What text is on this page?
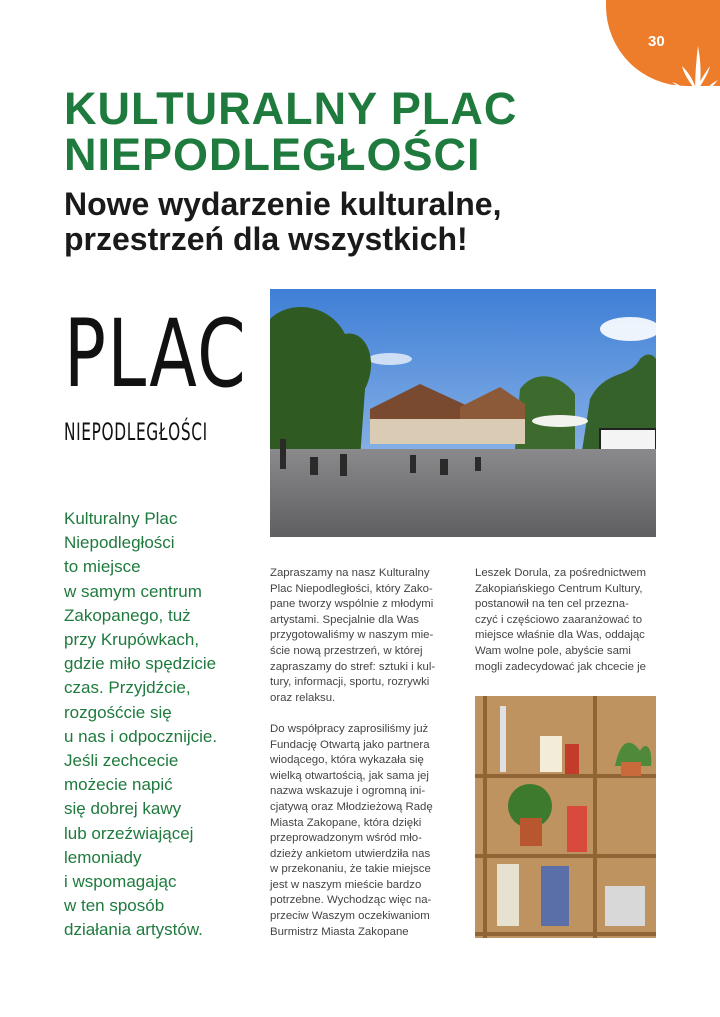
30
KULTURALNY PLAC
NIEPODLEGŁOŚCI
Nowe wydarzenie kulturalne,
przestrzeń dla wszystkich!
PLAC
NIEPODLEGŁOŚCI
Kulturalny Plac
Niepodległości
to miejsce
w samym centrum
Zakopanego, tuż
przy Krupówkach,
gdzie miło spędzicie
czas. Przyjdźcie,
rozgośćcie się
u nas i odpocznijcie.
Jeśli zechcecie
możecie napić
się dobrej kawy
lub orzeźwiającej
lemoniady
i wspomagając
w ten sposób
działania artystów.

Zapraszamy na nasz Kulturalny
Plac Niepodległości, który Zako-
pane tworzy wspólnie z młodymi
artystami. Specjalnie dla Was
przygotowaliśmy w naszym mie-
ście nową przestrzeń, w której
zapraszamy do stref: sztuki i kul-
tury, informacji, sportu, rozrywki
oraz relaksu.
Do współpracy zaprosiliśmy już
Fundację Otwartą jako partnera
wiodącego, która wykazała się
wielką otwartością, jak sama jej
nazwa wskazuje i ogromną ini-
cjatywą oraz Młodzieżową Radę
Miasta Zakopane, która dzięki
przeprowadzonym wśród mło-
dzieży ankietom utwierdziła nas
w przekonaniu, że takie miejsce
jest w naszym mieście bardzo
potrzebne. Wychodząc więc na-
przeciw Waszym oczekiwaniom
Burmistrz Miasta Zakopane

Leszek Dorula, za pośrednictwem
Zakopiańskiego Centrum Kultury,
postanowił na ten cel przezna-
czyć i częściowo zaaranżować to
miejsce właśnie dla Was, oddając
Wam wolne pole, abyście sami
mogli zadecydować jak chcecie je
